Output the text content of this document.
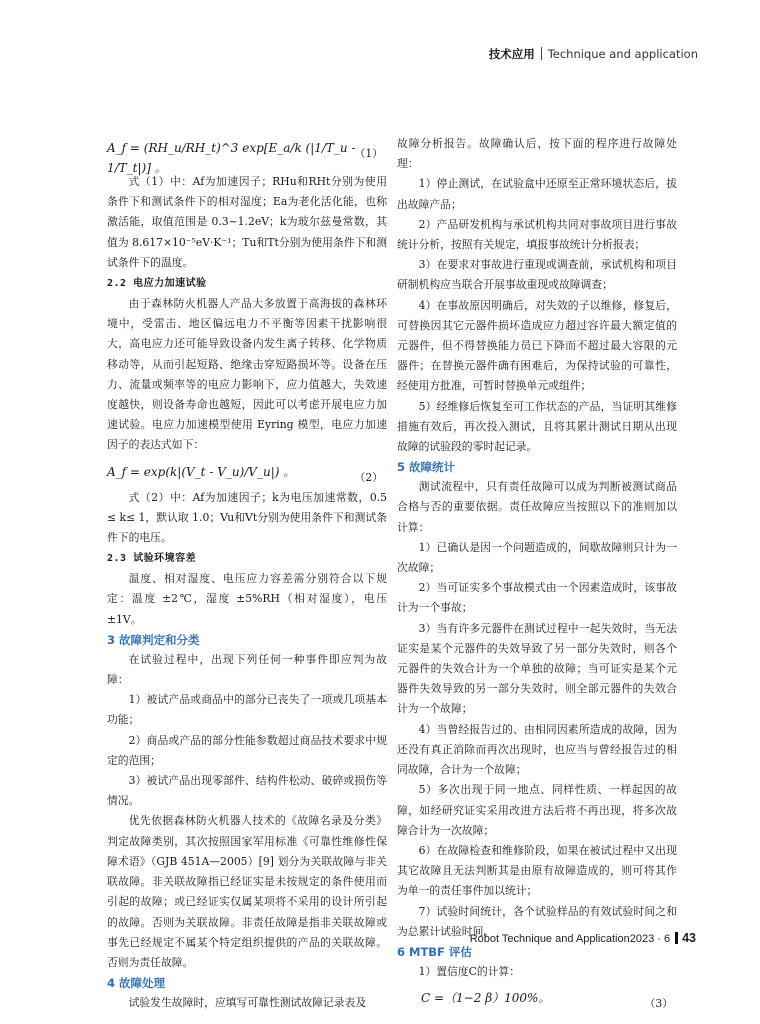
技术应用 Technique and application
A_f = (RH_u/RH_t)^3 exp[E_a/k (|1/T_u - 1/T_t|)] 。
（1）

式（1）中：Af为加速因子；RHu和RHt分别为使用条件下和测试条件下的相对湿度；Ea为老化活化能，也称激活能，取值范围是 0.3~1.2eV；k为玻尔兹曼常数，其值为 8.617×10⁻⁵eV·K⁻¹；Tu和Tt分别为使用条件下和测试条件下的温度。

2.2 电应力加速试验

由于森林防火机器人产品大多放置于高海拔的森林环境中，受雷击、地区偏远电力不平衡等因素干扰影响很大，高电应力还可能导致设备内发生离子转移、化学物质移动等，从而引起短路、绝缘击穿短路损坏等。设备在压力、流量或频率等的电应力影响下，应力值越大，失效速度越快，则设备寿命也越短，因此可以考虑开展电应力加速试验。电应力加速模型使用 Eyring 模型，电应力加速因子的表达式如下：

A_f = exp(k|(V_t - V_u)/V_u|) 。	（2）

式（2）中：Af为加速因子；k为电压加速常数，0.5 ≤ k≤ 1，默认取 1.0；Vu和Vt分别为使用条件下和测试条件下的电压。

2.3 试验环境容差

温度、相对湿度、电压应力容差需分别符合以下规定：温度 ±2℃，湿度 ±5%RH（相对湿度），电压 ±1V。

3 故障判定和分类

在试验过程中，出现下列任何一种事件即应判为故障：

1）被试产品或商品中的部分已丧失了一项或几项基本功能；

2）商品或产品的部分性能参数超过商品技术要求中规定的范围；

3）被试产品出现零部件、结构件松动、破碎或损伤等情况。

优先依据森林防火机器人技术的《故障名录及分类》判定故障类别，其次按照国家军用标准《可靠性维修性保障术语》（GJB 451A—2005）[9] 划分为关联故障与非关联故障。非关联故障指已经证实是未按规定的条件使用而引起的故障；或已经证实仅属某项将不采用的设计所引起的故障。否则为关联故障。非责任故障是指非关联故障或事先已经规定不属某个特定组织提供的产品的关联故障。否则为责任故障。

4 故障处理

试验发生故障时，应填写可靠性测试故障记录表及

故障分析报告。故障确认后，按下面的程序进行故障处理：

1）停止测试，在试验盒中还原至正常环境状态后，拔出故障产品；

2）产品研发机构与承试机构共同对事故项目进行事故统计分析，按照有关规定，填报事故统计分析报表；

3）在要求对事故进行重现或调查前，承试机构和项目研制机构应当联合开展事故重现或故障调查；

4）在事故原因明确后，对失效的子以维修，修复后，可替换因其它元器件损坏造成应力超过容许最大额定值的元器件，但不得替换能力员已下降而不超过最大容限的元器件；在替换元器件确有困难后，为保持试验的可靠性，经使用方批准，可暂时替换单元或组件；

5）经维修后恢复至可工作状态的产品，当证明其维修措施有效后，再次投入测试，且将其累计测试日期从出现故障的试验段的零时起记录。

5 故障统计

测试流程中，只有责任故障可以成为判断被测试商品合格与否的重要依据。责任故障应当按照以下的准则加以计算：

1）已确认是因一个问题造成的，间歇故障则只计为一次故障；

2）当可证实多个事故模式由一个因素造成时，该事故计为一个事故；

3）当有许多元器件在测试过程中一起失效时，当无法证实是某个元器件的失效导致了另一部分失效时，则各个元器件的失效合计为一个单独的故障；当可证实是某个元器件失效导致的另一部分失效时，则全部元器件的失效合计为一个故障；

4）当曾经报告过的、由相同因素所造成的故障，因为还没有真正消除而再次出现时，也应当与曾经报告过的相同故障，合计为一个故障；

5）多次出现于同一地点、同样性质、一样起因的故障，如经研究证实采用改进方法后将不再出现，将多次故障合计为一次故障；

6）在故障检查和维修阶段，如果在被试过程中又出现其它故障且无法判断其是由原有故障造成的，则可将其作为单一的责任事件加以统计；

7）试验时间统计，各个试验样品的有效试验时间之和为总累计试验时间。

6 MTBF 评估

1）置信度C的计算：

C =（1−2 β）100%。	（3）
Robot Technique and Application2023 · 6 43
